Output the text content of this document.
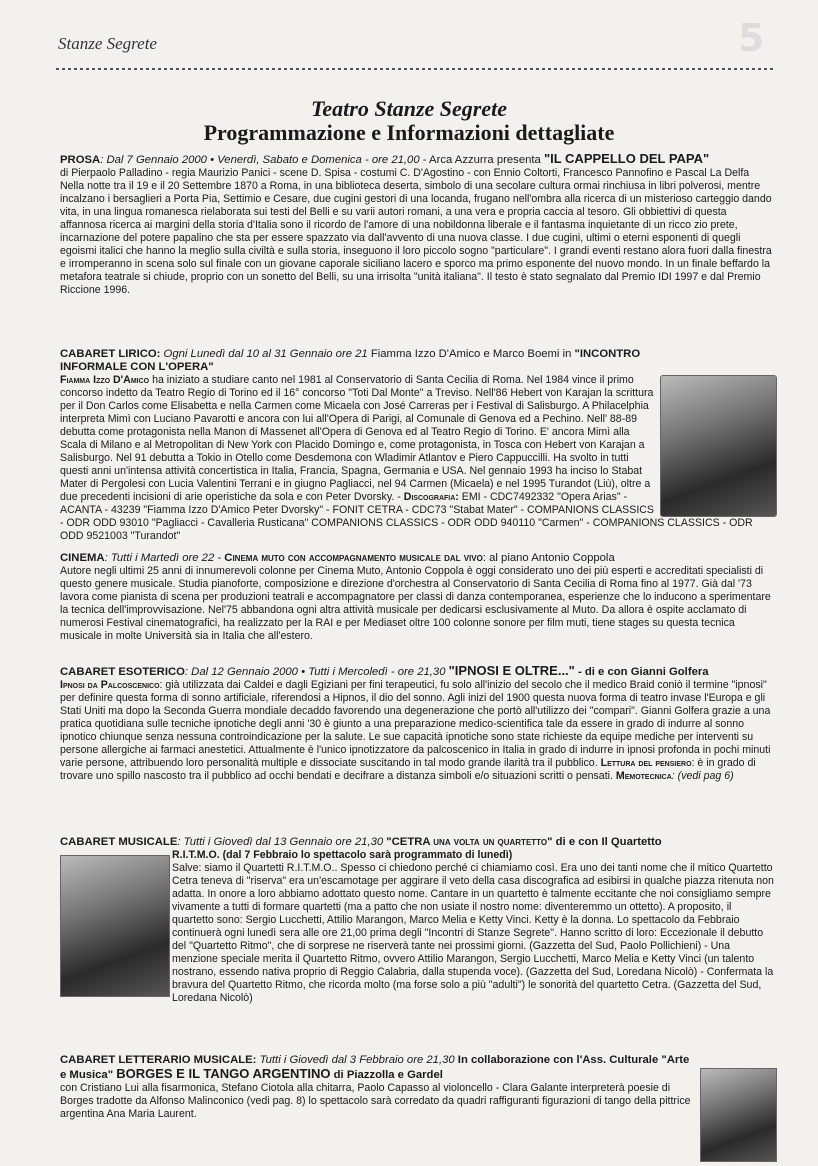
Stanze Segrete	5
Teatro Stanze Segrete
Programmazione e Informazioni dettagliate

PROSA: Dal 7 Gennaio 2000 • Venerdì, Sabato e Domenica - ore 21,00 - Arca Azzurra presenta "IL CAPPELLO DEL PAPA"

di Pierpaolo Palladino - regia Maurizio Panici - scene D. Spisa - costumi C. D'Agostino - con Ennio Coltorti, Francesco Pannofino e Pascal La Delfa

Nella notte tra il 19 e il 20 Settembre 1870 a Roma, in una biblioteca deserta, simbolo di una secolare cultura ormai rinchiusa in libri polverosi, mentre incalzano i bersaglieri a Porta Pia, Settimio e Cesare, due cugini gestori di una locanda, frugano nell'ombra alla ricerca di un misterioso carteggio dando vita, in una lingua romanesca rielaborata sui testi del Belli e su varii autori romani, a una vera e propria caccia al tesoro. Gli obbiettivi di questa affannosa ricerca ai margini della storia d'Italia sono il ricordo de l'amore di una nobildonna liberale e il fantasma inquietante di un ricco zio prete, incarnazione del potere papalino che sta per essere spazzato via dall'avvento di una nuova classe. I due cugini, ultimi o eterni esponenti di quegli egoismi italici che hanno la meglio sulla civiltà e sulla storia, inseguono il loro piccolo sogno "particulare". I grandi eventi restano alora fuori dalla finestra e irromperanno in scena solo sul finale con un giovane caporale siciliano lacero e sporco ma primo esponente del nuovo mondo. In un finale beffardo la metafora teatrale si chiude, proprio con un sonetto del Belli, su una irrisolta "unità italiana". Il testo è stato segnalato dal Premio IDI 1997 e dal Premio Riccione 1996.

CABARET LIRICO: Ogni Lunedì dal 10 al 31 Gennaio ore 21 Fiamma Izzo D'Amico e Marco Boemi in "INCONTRO INFORMALE CON L'OPERA"

Fiamma Izzo D'Amico ha iniziato a studiare canto nel 1981 al Conservatorio di Santa Cecilia di Roma. Nel 1984 vince il primo concorso indetto da Teatro Regio di Torino ed il 16° concorso "Toti Dal Monte" a Treviso. Nell'86 Hebert von Karajan la scrittura per il Don Carlos come Elisabetta e nella Carmen come Micaela con José Carreras per i Festival di Salisburgo. A Philacelphia interpreta Mimì con Luciano Pavarotti e ancora con lui all'Opera di Parigi, al Comunale di Genova ed a Pechino. Nell' 88-89 debutta come protagonista nella Manon di Massenet all'Opera di Genova ed al Teatro Regio di Torino. E' ancora Mimì alla Scala di Milano e al Metropolitan di New York con Placido Domingo e, come protagonista, in Tosca con Hebert von Karajan a Salisburgo. Nel 91 debutta a Tokio in Otello come Desdemona con Wladimir Atlantov e Piero Cappuccilli. Ha svolto in tutti questi anni un'intensa attività concertistica in Italia, Francia, Spagna, Germania e USA. Nel gennaio 1993 ha inciso lo Stabat Mater di Pergolesi con Lucia Valentini Terrani e in giugno Pagliacci, nel 94 Carmen (Micaela) e nel 1995 Turandot (Liù), oltre a due precedenti incisioni di arie operistiche da sola e con Peter Dvorsky. - Discografia: EMI - CDC7492332 "Opera Arias" - ACANTA - 43239 "Fiamma Izzo D'Amico Peter Dvorsky" - FONIT CETRA - CDC73 "Stabat Mater" - COMPANIONS CLASSICS - ODR ODD 93010 "Pagliacci - Cavalleria Rusticana" COMPANIONS CLASSICS - ODR ODD 940110 "Carmen" - COMPANIONS CLASSICS - ODR ODD 9521003 "Turandot"

CINEMA: Tutti i Martedì ore 22 - Cinema muto con accompagnamento musicale dal vivo: al piano Antonio Coppola

Autore negli ultimi 25 anni di innumerevoli colonne per Cinema Muto, Antonio Coppola è oggi considerato uno dei più esperti e accreditati specialisti di questo genere musicale. Studia pianoforte, composizione e direzione d'orchestra al Conservatorio di Santa Cecilia di Roma fino al 1977. Già dal '73 lavora come pianista di scena per produzioni teatrali e accompagnatore per classi di danza contemporanea, esperienze che lo inducono a sperimentare la tecnica dell'improvvisazione. Nel'75 abbandona ogni altra attività musicale per dedicarsi esclusivamente al Muto. Da allora è ospite acclamato di numerosi Festival cinematografici, ha realizzato per la RAI e per Mediaset oltre 100 colonne sonore per film muti, tiene stages su questa tecnica musicale in molte Università sia in Italia che all'estero.

CABARET ESOTERICO: Dal 12 Gennaio 2000 • Tutti i Mercoledì - ore 21,30 "IPNOSI E OLTRE..." - di e con Gianni Golfera

Ipnosi da Palcoscenico: già utilizzata dai Caldei e dagli Egiziani per fini terapeutici, fu solo all'inizio del secolo che il medico Braid coniò il termine "ipnosi" per definire questa forma di sonno artificiale, riferendosi a Hipnos, il dio del sonno. Agli inizi del 1900 questa nuova forma di teatro invase l'Europa e gli Stati Uniti ma dopo la Seconda Guerra mondiale decaddo favorendo una degenerazione che portò all'utilizzo dei "compari". Gianni Golfera grazie a una pratica quotidiana sulle tecniche ipnotiche degli anni '30 è giunto a una preparazione medico-scientifica tale da essere in grado di indurre al sonno ipnotico chiunque senza nessuna controindicazione per la salute. Le sue capacità ipnotiche sono state richieste da equipe mediche per interventi su persone allergiche ai farmaci anestetici. Attualmente è l'unico ipnotizzatore da palcoscenico in Italia in grado di indurre in ipnosi profonda in pochi minuti varie persone, attribuendo loro personalità multiple e dissociate suscitando in tal modo grande ilarità tra il pubblico. Lettura del pensiero: è in grado di trovare uno spillo nascosto tra il pubblico ad occhi bendati e decifrare a distanza simboli e/o situazioni scritti o pensati. Memotecnica: (vedi pag 6)

CABARET MUSICALE: Tutti i Giovedì dal 13 Gennaio ore 21,30 "CETRA una volta un quartetto" di e con Il Quartetto

R.I.T.M.O. (dal 7 Febbraio lo spettacolo sarà programmato di lunedì)

Salve: siamo il Quartetti R.I.T.M.O.. Spesso ci chiedono perché ci chiamiamo così. Era uno dei tanti nome che il mitico Quartetto Cetra teneva di "riserva" era un'escamotage per aggirare il veto della casa discografica ad esibirsi in qualche piazza ritenuta non adatta. In onore a loro abbiamo adottato questo nome. Cantare in un quartetto è talmente eccitante che noi consigliamo sempre vivamente a tutti di formare quartetti (ma a patto che non usiate il nostro nome: diventeremmo un ottetto). A proposito, il quartetto sono: Sergio Lucchetti, Attilio Marangon, Marco Melia e Ketty Vinci. Ketty è la donna. Lo spettacolo da Febbraio continuerà ogni lunedì sera alle ore 21,00 prima degli "Incontri di Stanze Segrete". Hanno scritto di loro: Eccezionale il debutto del "Quartetto Ritmo", che di sorprese ne riserverà tante nei prossimi giorni. (Gazzetta del Sud, Paolo Pollichieni) - Una menzione speciale merita il Quartetto Ritmo, ovvero Attilio Marangon, Sergio Lucchetti, Marco Melia e Ketty Vinci (un talento nostrano, essendo nativa proprio di Reggio Calabria, dalla stupenda voce). (Gazzetta del Sud, Loredana Nicolò) - Confermata la bravura del Quartetto Ritmo, che ricorda molto (ma forse solo a più "adulti") le sonorità del quartetto Cetra. (Gazzetta del Sud, Loredana Nicolò)

CABARET LETTERARIO MUSICALE: Tutti i Giovedì dal 3 Febbraio ore 21,30 In collaborazione con l'Ass. Culturale "Arte e Musica" BORGES E IL TANGO ARGENTINO di Piazzolla e Gardel

con Cristiano Lui alla fisarmonica, Stefano Ciotola alla chitarra, Paolo Capasso al violoncello - Clara Galante interpreterà poesie di Borges tradotte da Alfonso Malinconico (vedi pag. 8) lo spettacolo sarà corredato da quadri raffiguranti figurazioni di tango della pittrice argentina Ana Maria Laurent.
